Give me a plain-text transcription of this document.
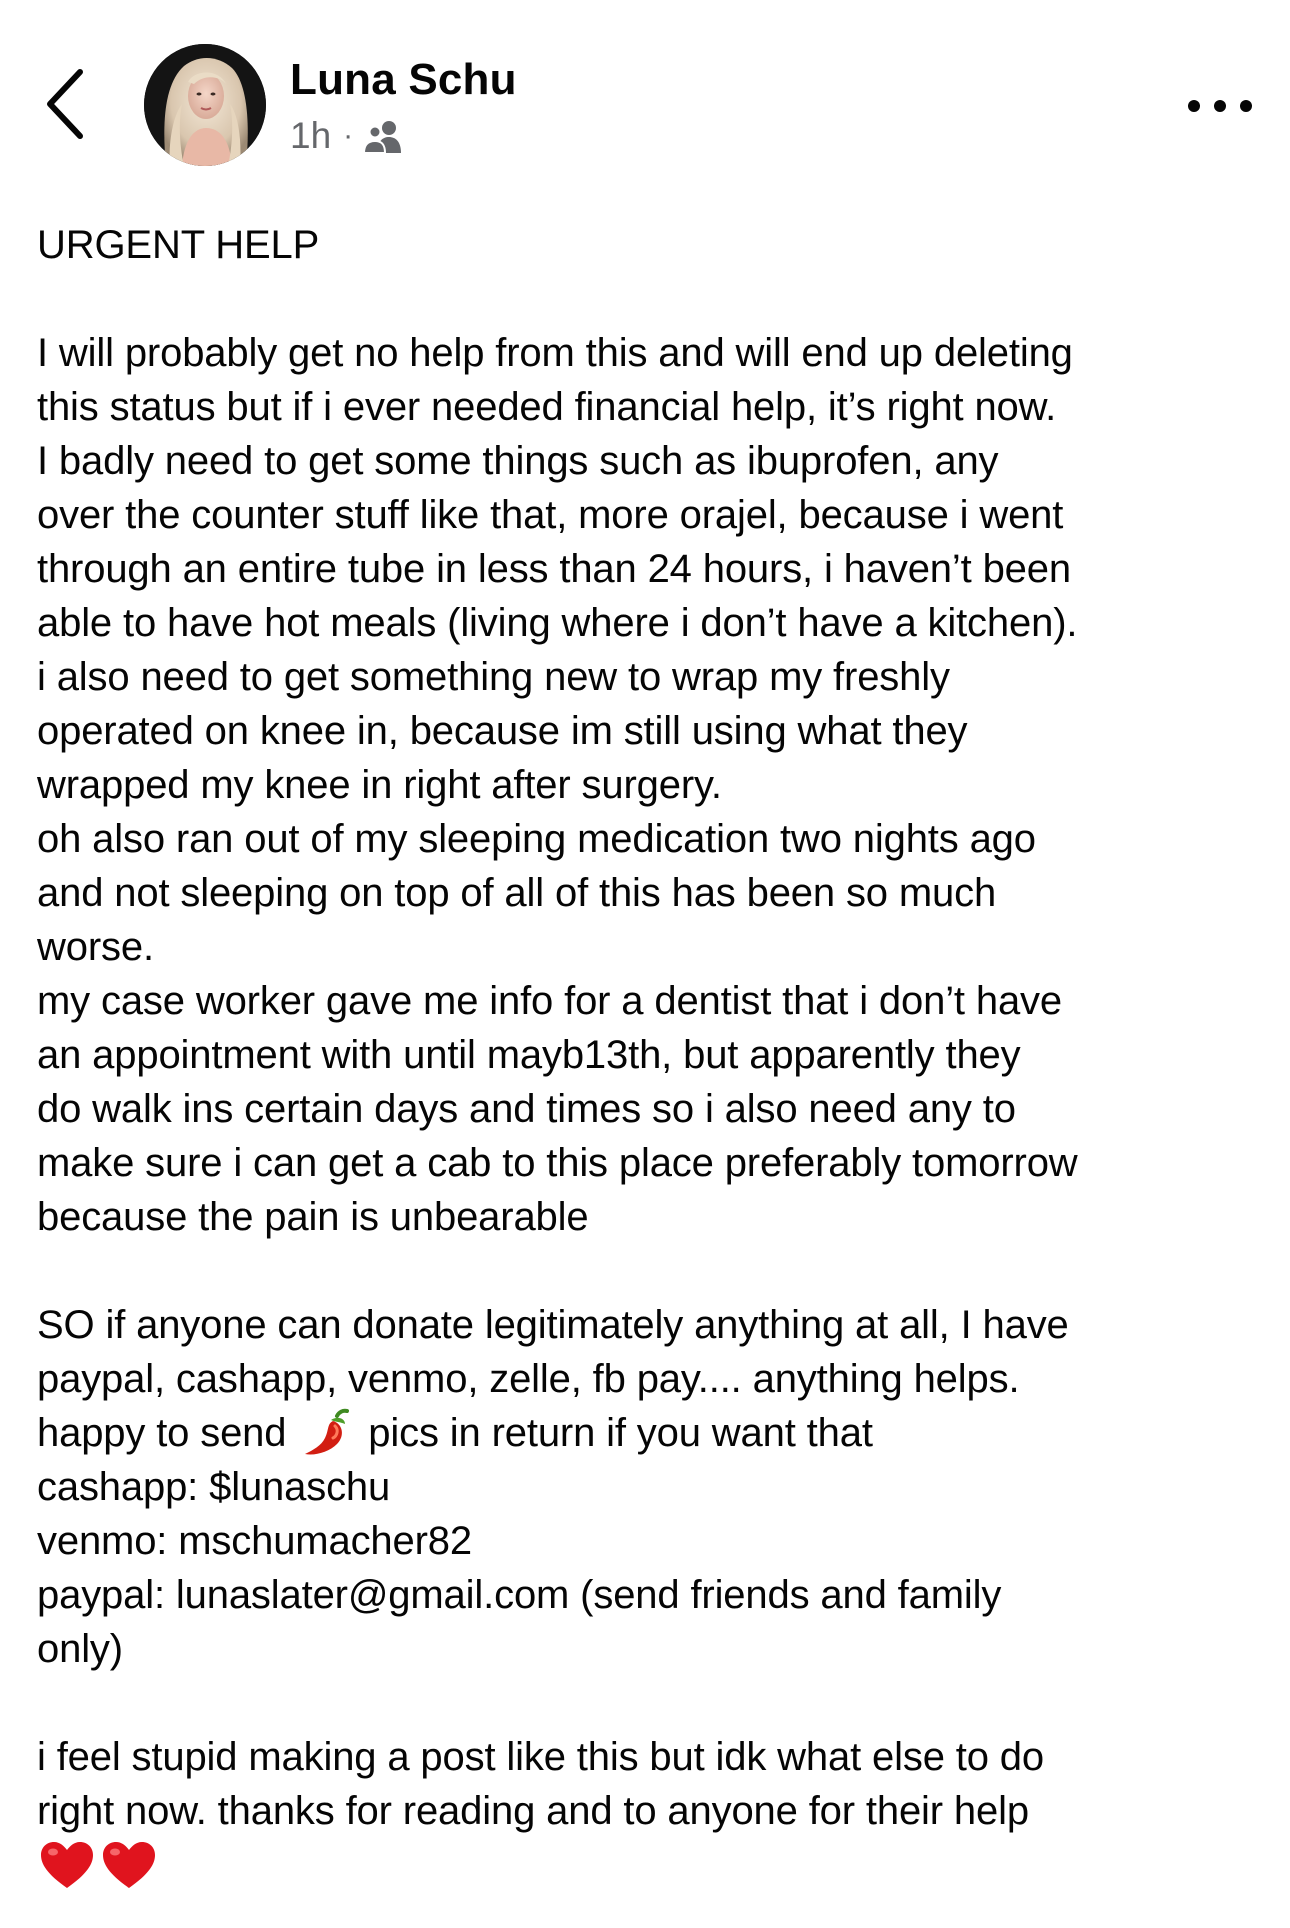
Luna Schu
1h ·
URGENT HELP
I will probably get no help from this and will end up deleting
this status but if i ever needed financial help, it’s right now.
I badly need to get some things such as ibuprofen, any
over the counter stuff like that, more orajel, because i went
through an entire tube in less than 24 hours, i haven’t been
able to have hot meals (living where i don’t have a kitchen).
i also need to get something new to wrap my freshly
operated on knee in, because im still using what they
wrapped my knee in right after surgery.
oh also ran out of my sleeping medication two nights ago
and not sleeping on top of all of this has been so much
worse.
my case worker gave me info for a dentist that i don’t have
an appointment with until mayb13th, but apparently they
do walk ins certain days and times so i also need any to
make sure i can get a cab to this place preferably tomorrow
because the pain is unbearable
SO if anyone can donate legitimately anything at all, I have
paypal, cashapp, venmo, zelle, fb pay.... anything helps.
happy to send
pics in return if you want that
cashapp: $lunaschu
venmo: mschumacher82
paypal: lunaslater@gmail.com (send friends and family
only)
i feel stupid making a post like this but idk what else to do
right now. thanks for reading and to anyone for their help
